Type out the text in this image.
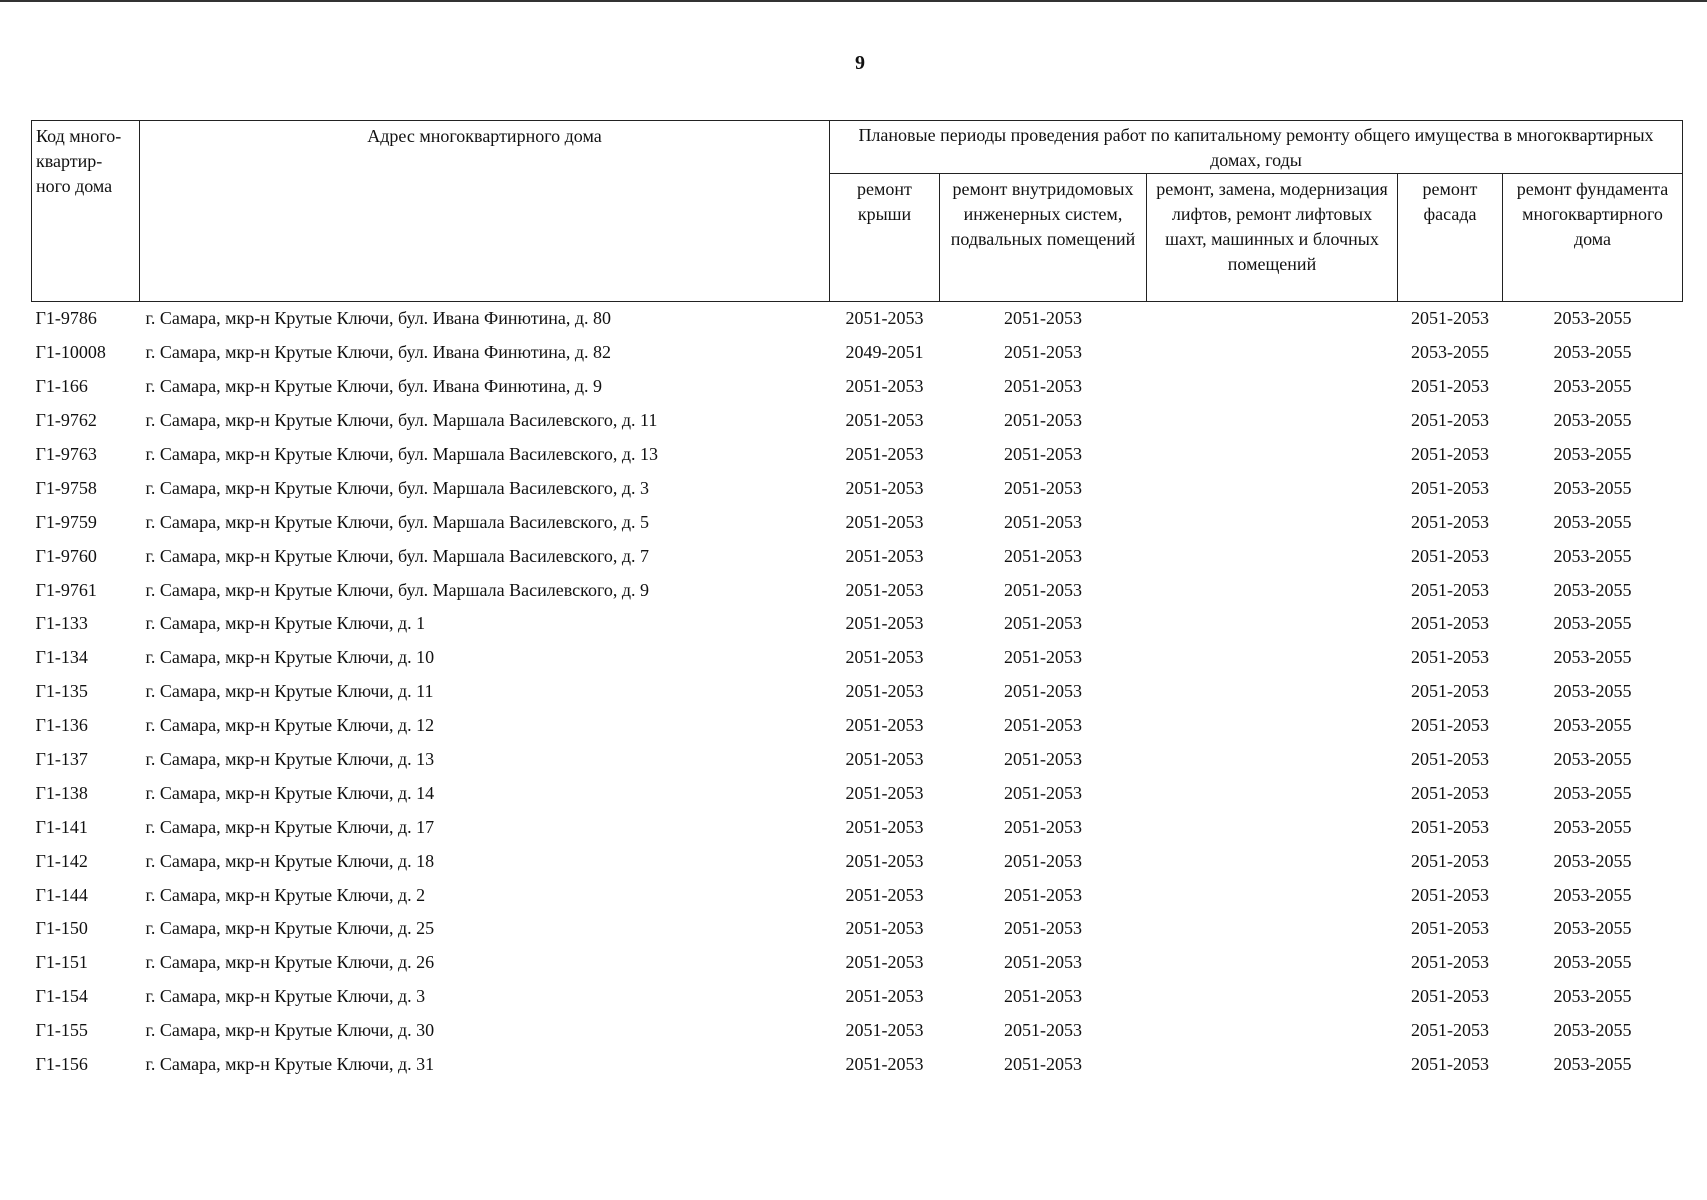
9
Код много-квартир-ного дома	Адрес многоквартирного дома	Плановые периоды проведения работ по капитальному ремонту общего имущества в многоквартирных домах, годы				
		ремонт крыши	ремонт внутридомовых инженерных систем, подвальных помещений	ремонт, замена, модернизация лифтов, ремонт лифтовых шахт, машинных и блочных помещений	ремонт фасада	ремонт фундамента многоквартирного дома
Г1-9786	г. Самара, мкр-н Крутые Ключи, бул. Ивана Финютина, д. 80	2051-2053	2051-2053		2051-2053	2053-2055
Г1-10008	г. Самара, мкр-н Крутые Ключи, бул. Ивана Финютина, д. 82	2049-2051	2051-2053		2053-2055	2053-2055
Г1-166	г. Самара, мкр-н Крутые Ключи, бул. Ивана Финютина, д. 9	2051-2053	2051-2053		2051-2053	2053-2055
Г1-9762	г. Самара, мкр-н Крутые Ключи, бул. Маршала Василевского, д. 11	2051-2053	2051-2053		2051-2053	2053-2055
Г1-9763	г. Самара, мкр-н Крутые Ключи, бул. Маршала Василевского, д. 13	2051-2053	2051-2053		2051-2053	2053-2055
Г1-9758	г. Самара, мкр-н Крутые Ключи, бул. Маршала Василевского, д. 3	2051-2053	2051-2053		2051-2053	2053-2055
Г1-9759	г. Самара, мкр-н Крутые Ключи, бул. Маршала Василевского, д. 5	2051-2053	2051-2053		2051-2053	2053-2055
Г1-9760	г. Самара, мкр-н Крутые Ключи, бул. Маршала Василевского, д. 7	2051-2053	2051-2053		2051-2053	2053-2055
Г1-9761	г. Самара, мкр-н Крутые Ключи, бул. Маршала Василевского, д. 9	2051-2053	2051-2053		2051-2053	2053-2055
Г1-133	г. Самара, мкр-н Крутые Ключи, д. 1	2051-2053	2051-2053		2051-2053	2053-2055
Г1-134	г. Самара, мкр-н Крутые Ключи, д. 10	2051-2053	2051-2053		2051-2053	2053-2055
Г1-135	г. Самара, мкр-н Крутые Ключи, д. 11	2051-2053	2051-2053		2051-2053	2053-2055
Г1-136	г. Самара, мкр-н Крутые Ключи, д. 12	2051-2053	2051-2053		2051-2053	2053-2055
Г1-137	г. Самара, мкр-н Крутые Ключи, д. 13	2051-2053	2051-2053		2051-2053	2053-2055
Г1-138	г. Самара, мкр-н Крутые Ключи, д. 14	2051-2053	2051-2053		2051-2053	2053-2055
Г1-141	г. Самара, мкр-н Крутые Ключи, д. 17	2051-2053	2051-2053		2051-2053	2053-2055
Г1-142	г. Самара, мкр-н Крутые Ключи, д. 18	2051-2053	2051-2053		2051-2053	2053-2055
Г1-144	г. Самара, мкр-н Крутые Ключи, д. 2	2051-2053	2051-2053		2051-2053	2053-2055
Г1-150	г. Самара, мкр-н Крутые Ключи, д. 25	2051-2053	2051-2053		2051-2053	2053-2055
Г1-151	г. Самара, мкр-н Крутые Ключи, д. 26	2051-2053	2051-2053		2051-2053	2053-2055
Г1-154	г. Самара, мкр-н Крутые Ключи, д. 3	2051-2053	2051-2053		2051-2053	2053-2055
Г1-155	г. Самара, мкр-н Крутые Ключи, д. 30	2051-2053	2051-2053		2051-2053	2053-2055
Г1-156	г. Самара, мкр-н Крутые Ключи, д. 31	2051-2053	2051-2053		2051-2053	2053-2055
